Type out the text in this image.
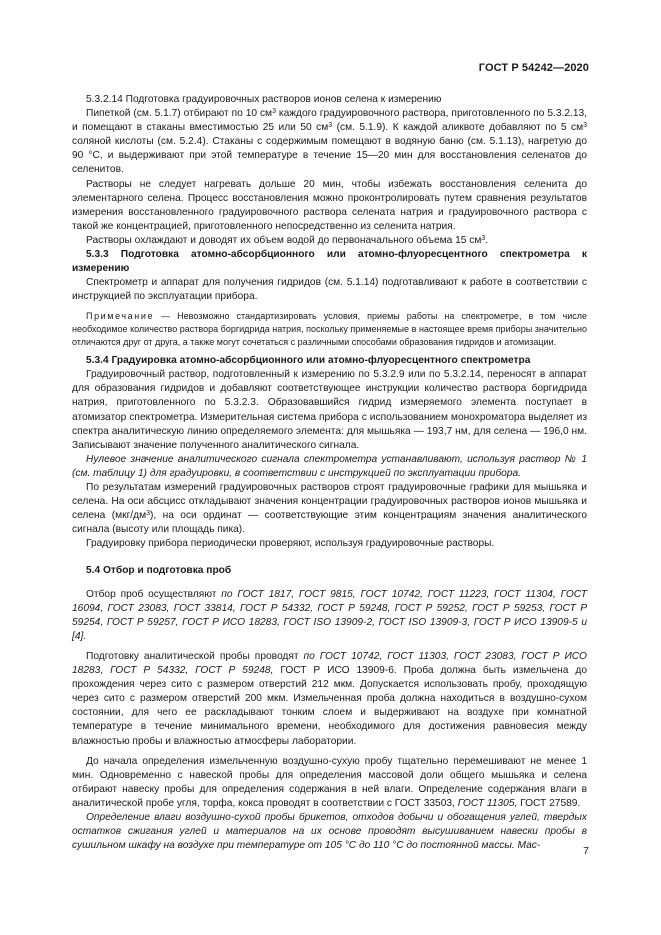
ГОСТ Р 54242—2020

5.3.2.14 Подготовка градуировочных растворов ионов селена к измерению

Пипеткой (см. 5.1.7) отбирают по 10 $см^3$ каждого градуировочного раствора, приготовленного по 5.3.2.13, и помещают в стаканы вместимостью 25 или 50 $см^3$ (см. 5.1.9). К каждой аликвоте добавляют по 5 $см^3$ соляной кислоты (см. 5.2.4). Стаканы с содержимым помещают в водяную баню (см. 5.1.13), нагретую до 90 °С, и выдерживают при этой температуре в течение 15—20 мин для восстановления селенатов до селенитов.

Растворы не следует нагревать дольше 20 мин, чтобы избежать восстановления селенита до элементарного селена. Процесс восстановления можно проконтролировать путем сравнения результатов измерения восстановленного градуировочного раствора селената натрия и градуировочного раствора с такой же концентрацией, приготовленного непосредственно из селенита натрия.

Растворы охлаждают и доводят их объем водой до первоначального объема 15 $см^3$.

5.3.3 Подготовка атомно-абсорбционного или атомно-флуоресцентного спектрометра к измерению

Спектрометр и аппарат для получения гидридов (см. 5.1.14) подготавливают к работе в соответствии с инструкцией по эксплуатации прибора.

Примечание — Невозможно стандартизировать условия, приемы работы на спектрометре, в том числе необходимое количество раствора боргидрида натрия, поскольку применяемые в настоящее время приборы значительно отличаются друг от друга, а также могут сочетаться с различными способами образования гидридов и атомизации.

5.3.4 Градуировка атомно-абсорбционного или атомно-флуоресцентного спектрометра

Градуировочный раствор, подготовленный к измерению по 5.3.2.9 или по 5.3.2.14, переносят в аппарат для образования гидридов и добавляют соответствующее инструкции количество раствора боргидрида натрия, приготовленного по 5.3.2.3. Образовавшийся гидрид измеряемого элемента поступает в атомизатор спектрометра. Измерительная система прибора с использованием монохроматора выделяет из спектра аналитическую линию определяемого элемента: для мышьяка — 193,7 нм, для селена — 196,0 нм. Записывают значение полученного аналитического сигнала.

Нулевое значение аналитического сигнала спектрометра устанавливают, используя раствор № 1 (см. таблицу 1) для градуировки, в соответствии с инструкцией по эксплуатации прибора.

По результатам измерений градуировочных растворов строят градуировочные графики для мышьяка и селена. На оси абсцисс откладывают значения концентрации градуировочных растворов ионов мышьяка и селена $(мкг/дм^3)$, на оси ординат — соответствующие этим концентрациям значения аналитического сигнала (высоту или площадь пика).

Градуировку прибора периодически проверяют, используя градуировочные растворы.

5.4 Отбор и подготовка проб

Отбор проб осуществляют по ГОСТ 1817, ГОСТ 9815, ГОСТ 10742, ГОСТ 11223, ГОСТ 11304, ГОСТ 16094, ГОСТ 23083, ГОСТ 33814, ГОСТ Р 54332, ГОСТ Р 59248, ГОСТ Р 59252, ГОСТ Р 59253, ГОСТ Р 59254, ГОСТ Р 59257, ГОСТ Р ИСО 18283, ГОСТ ISO 13909-2, ГОСТ ISO 13909-3, ГОСТ Р ИСО 13909-5 и [4].

Подготовку аналитической пробы проводят по ГОСТ 10742, ГОСТ 11303, ГОСТ 23083, ГОСТ Р ИСО 18283, ГОСТ Р 54332, ГОСТ Р 59248, ГОСТ Р ИСО 13909-6. Проба должна быть измельчена до прохождения через сито с размером отверстий 212 мкм. Допускается использовать пробу, проходящую через сито с размером отверстий 200 мкм. Измельченная проба должна находиться в воздушно-сухом состоянии, для чего ее раскладывают тонким слоем и выдерживают на воздухе при комнатной температуре в течение минимального времени, необходимого для достижения равновесия между влажностью пробы и влажностью атмосферы лаборатории.

До начала определения измельченную воздушно-сухую пробу тщательно перемешивают не менее 1 мин. Одновременно с навеской пробы для определения массовой доли общего мышьяка и селена отбирают навеску пробы для определения содержания в ней влаги. Определение содержания влаги в аналитической пробе угля, торфа, кокса проводят в соответствии с ГОСТ 33503, ГОСТ 11305, ГОСТ 27589.

Определение влаги воздушно-сухой пробы брикетов, отходов добычи и обогащения углей, твердых остатков сжигания углей и материалов на их основе проводят высушиванием навески пробы в сушильном шкафу на воздухе при температуре от 105 °С до 110 °С до постоянной массы. Мас-	7
